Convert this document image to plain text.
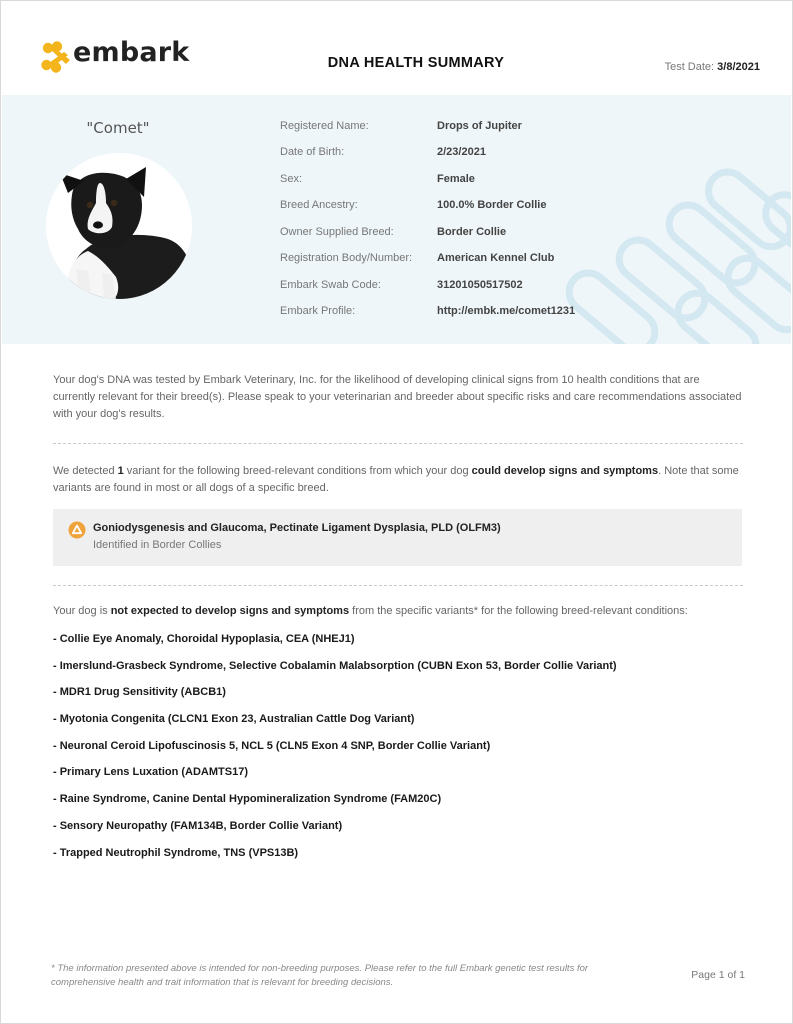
embark	DNA HEALTH SUMMARY	Test Date: 3/8/2021
"Comet"	Registered Name:	Drops of Jupiter
Date of Birth:	2/23/2021
Sex:	Female
Breed Ancestry:	100.0% Border Collie
Owner Supplied Breed:	Border Collie
Registration Body/Number: American Kennel Club
Embark Swab Code:	31201050517502
Embark Profile:	http://embk.me/comet1231

Your dog's DNA was tested by Embark Veterinary, Inc. for the likelihood of developing clinical signs from 10 health conditions that are currently relevant for their breed(s). Please speak to your veterinarian and breeder about specific risks and care recommendations associated with your dog's results.

We detected 1 variant for the following breed-relevant conditions from which your dog could develop signs and symptoms. Note that some variants are found in most or all dogs of a specific breed.

Goniodysgenesis and Glaucoma, Pectinate Ligament Dysplasia, PLD (OLFM3)
Identified in Border Collies

Your dog is not expected to develop signs and symptoms from the specific variants* for the following breed-relevant conditions:

- Collie Eye Anomaly, Choroidal Hypoplasia, CEA (NHEJ1)
- Imerslund-Grasbeck Syndrome, Selective Cobalamin Malabsorption (CUBN Exon 53, Border Collie Variant)
- MDR1 Drug Sensitivity (ABCB1)
- Myotonia Congenita (CLCN1 Exon 23, Australian Cattle Dog Variant)
- Neuronal Ceroid Lipofuscinosis 5, NCL 5 (CLN5 Exon 4 SNP, Border Collie Variant)
- Primary Lens Luxation (ADAMTS17)
- Raine Syndrome, Canine Dental Hypomineralization Syndrome (FAM20C)
- Sensory Neuropathy (FAM134B, Border Collie Variant)
- Trapped Neutrophil Syndrome, TNS (VPS13B)

* The information presented above is intended for non-breeding purposes. Please refer to the full Embark genetic test results for comprehensive health and trait information that is relevant for breeding decisions.

Page 1 of 1
